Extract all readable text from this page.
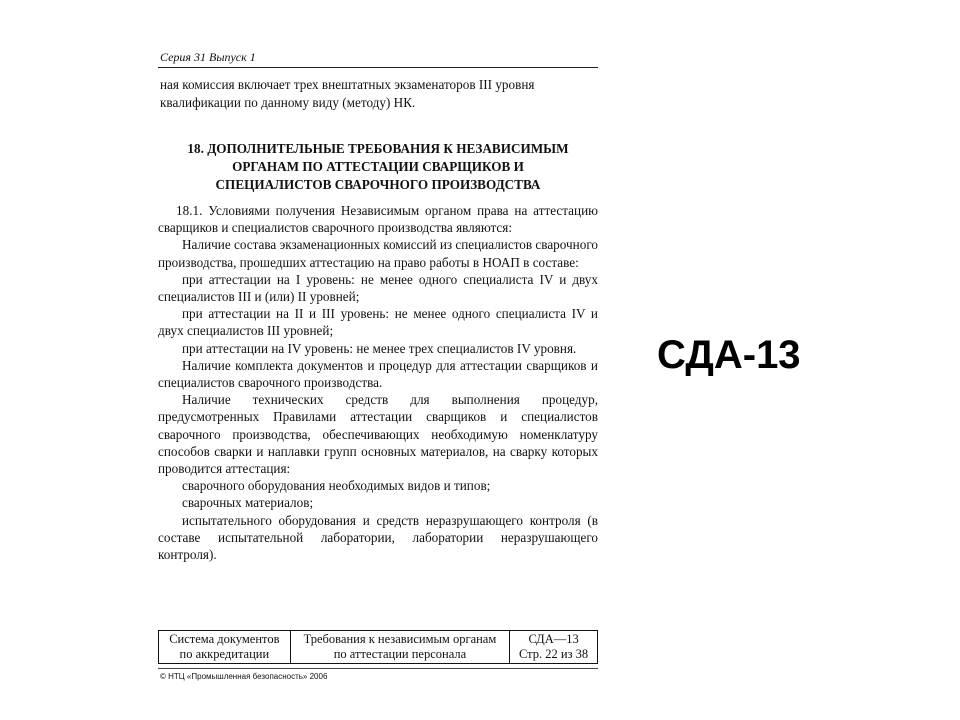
Серия 31 Выпуск 1
ная комиссия включает трех внештатных экзаменаторов III уровня
квалификации по данному виду (методу) НК.
18. ДОПОЛНИТЕЛЬНЫЕ ТРЕБОВАНИЯ К НЕЗАВИСИМЫМ
ОРГАНАМ ПО АТТЕСТАЦИИ СВАРЩИКОВ И
СПЕЦИАЛИСТОВ СВАРОЧНОГО ПРОИЗВОДСТВА

18.1. Условиями получения Независимым органом права на аттестацию сварщиков и специалистов сварочного производства являются:

Наличие состава экзаменационных комиссий из специалистов сварочного производства, прошедших аттестацию на право работы в НОАП в составе:

при аттестации на I уровень: не менее одного специалиста IV и двух специалистов III и (или) II уровней;

при аттестации на II и III уровень: не менее одного специалиста IV и двух специалистов III уровней;

при аттестации на IV уровень: не менее трех специалистов IV уровня.

Наличие комплекта документов и процедур для аттестации сварщиков и специалистов сварочного производства.

Наличие технических средств для выполнения процедур, предусмотренных Правилами аттестации сварщиков и специалистов сварочного производства, обеспечивающих необходимую номенклатуру способов сварки и наплавки групп основных материалов, на сварку которых проводится аттестация:

сварочного оборудования необходимых видов и типов;

сварочных материалов;

испытательного оборудования и средств неразрушающего контроля (в составе испытательной лаборатории, лаборатории неразрушающего контроля).

Система документов
по аккредитации

Требования к независимым органам
по аттестации персонала

СДА—13
Стр. 22 из 38
© НТЦ «Промышленная безопасность» 2006
СДА-13
